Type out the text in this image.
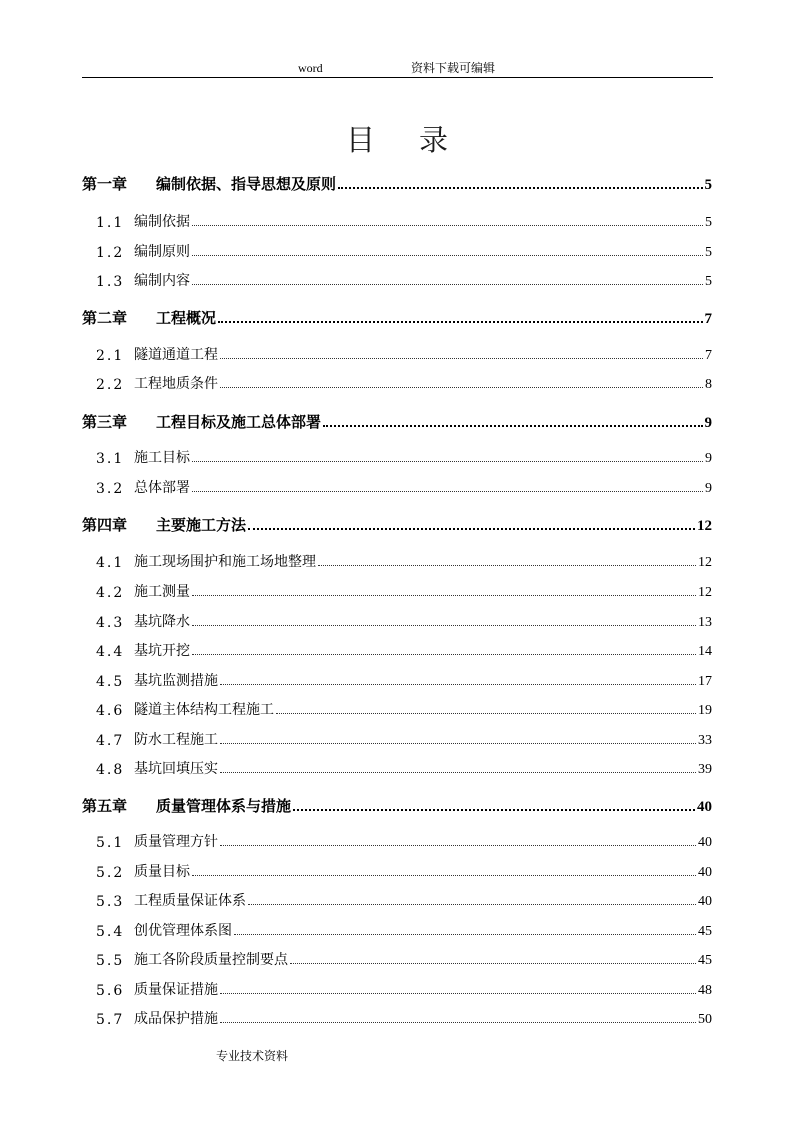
word	资料下载可编辑
目录
第一章	编制依据、指导思想及原则	5
1.1 编制依据	5
1.2 编制原则	5
1.3 编制内容	5
第二章	工程概况	7
2.1 隧道通道工程	7
2.2 工程地质条件	8
第三章	工程目标及施工总体部署	9
3.1 施工目标	9
3.2 总体部署	9
第四章	主要施工方法	12
4.1 施工现场围护和施工场地整理	12
4.2 施工测量	12
4.3 基坑降水	13
4.4 基坑开挖	14
4.5 基坑监测措施	17
4.6 隧道主体结构工程施工	19
4.7 防水工程施工	33
4.8 基坑回填压实	39
第五章	质量管理体系与措施	40
5.1 质量管理方针	40
5.2 质量目标	40
5.3 工程质量保证体系	40
5.4 创优管理体系图	45
5.5 施工各阶段质量控制要点	45
5.6 质量保证措施	48
5.7 成品保护措施	50
专业技术资料
